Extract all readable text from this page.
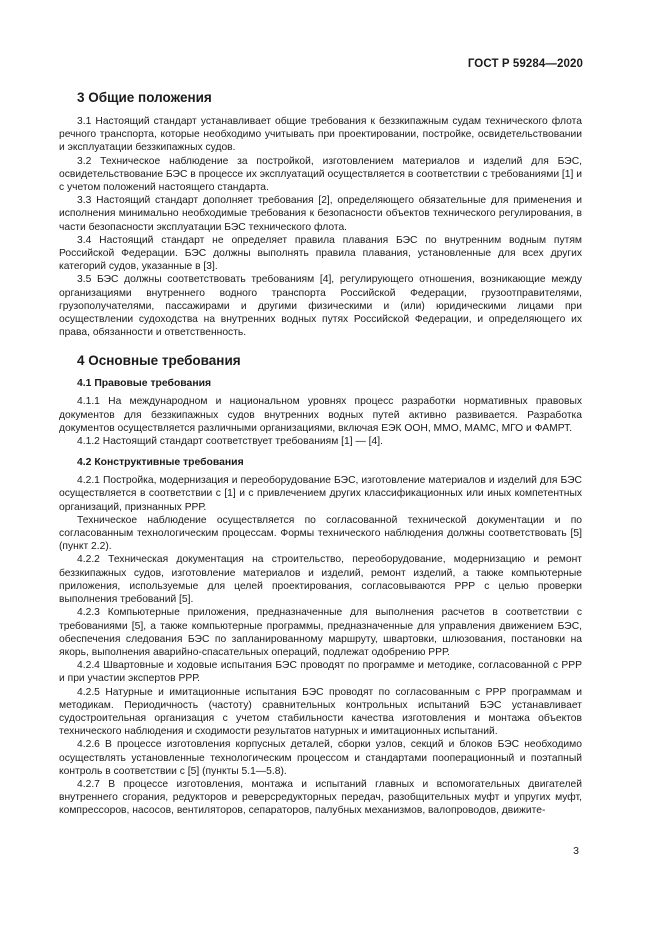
ГОСТ Р 59284—2020
3 Общие положения

3.1 Настоящий стандарт устанавливает общие требования к беззкипажным судам технического флота речного транспорта, которые необходимо учитывать при проектировании, постройке, освидетельствовании и эксплуатации беззкипажных судов.

3.2 Техническое наблюдение за постройкой, изготовлением материалов и изделий для БЭС, освидетельствование БЭС в процессе их эксплуатаций осуществляется в соответствии с требованиями [1] и с учетом положений настоящего стандарта.

3.3 Настоящий стандарт дополняет требования [2], определяющего обязательные для применения и исполнения минимально необходимые требования к безопасности объектов технического регулирования, в части безопасности эксплуатации БЭС технического флота.

3.4 Настоящий стандарт не определяет правила плавания БЭС по внутренним водным путям Российской Федерации. БЭС должны выполнять правила плавания, установленные для всех других категорий судов, указанные в [3].

3.5 БЭС должны соответствовать требованиям [4], регулирующего отношения, возникающие между организациями внутреннего водного транспорта Российской Федерации, грузоотправителями, грузополучателями, пассажирами и другими физическими и (или) юридическими лицами при осуществлении судоходства на внутренних водных путях Российской Федерации, и определяющего их права, обязанности и ответственность.

4 Основные требования
4.1 Правовые требования

4.1.1 На международном и национальном уровнях процесс разработки нормативных правовых документов для беззкипажных судов внутренних водных путей активно развивается. Разработка документов осуществляется различными организациями, включая ЕЭК ООН, ММО, МАМС, МГО и ФАМРТ.

4.1.2 Настоящий стандарт соответствует требованиям [1] — [4].

4.2 Конструктивные требования

4.2.1 Постройка, модернизация и переоборудование БЭС, изготовление материалов и изделий для БЭС осуществляется в соответствии с [1] и с привлечением других классификационных или иных компетентных организаций, признанных РРР.

Техническое наблюдение осуществляется по согласованной технической документации и по согласованным технологическим процессам. Формы технического наблюдения должны соответствовать [5] (пункт 2.2).

4.2.2 Техническая документация на строительство, переоборудование, модернизацию и ремонт беззкипажных судов, изготовление материалов и изделий, ремонт изделий, а также компьютерные приложения, используемые для целей проектирования, согласовываются РРР с целью проверки выполнения требований [5].

4.2.3 Компьютерные приложения, предназначенные для выполнения расчетов в соответствии с требованиями [5], а также компьютерные программы, предназначенные для управления движением БЭС, обеспечения следования БЭС по запланированному маршруту, швартовки, шлюзования, постановки на якорь, выполнения аварийно-спасательных операций, подлежат одобрению РРР.

4.2.4 Швартовные и ходовые испытания БЭС проводят по программе и методике, согласованной с РРР и при участии экспертов РРР.

4.2.5 Натурные и имитационные испытания БЭС проводят по согласованным с РРР программам и методикам. Периодичность (частоту) сравнительных контрольных испытаний БЭС устанавливает судостроительная организация с учетом стабильности качества изготовления и монтажа объектов технического наблюдения и сходимости результатов натурных и имитационных испытаний.

4.2.6 В процессе изготовления корпусных деталей, сборки узлов, секций и блоков БЭС необходимо осуществлять установленные технологическим процессом и стандартами пооперационный и поэтапный контроль в соответствии с [5] (пункты 5.1—5.8).

4.2.7 В процессе изготовления, монтажа и испытаний главных и вспомогательных двигателей внутреннего сгорания, редукторов и реверсредукторных передач, разобщительных муфт и упругих муфт, компрессоров, насосов, вентиляторов, сепараторов, палубных механизмов, валопроводов, движите-

3
